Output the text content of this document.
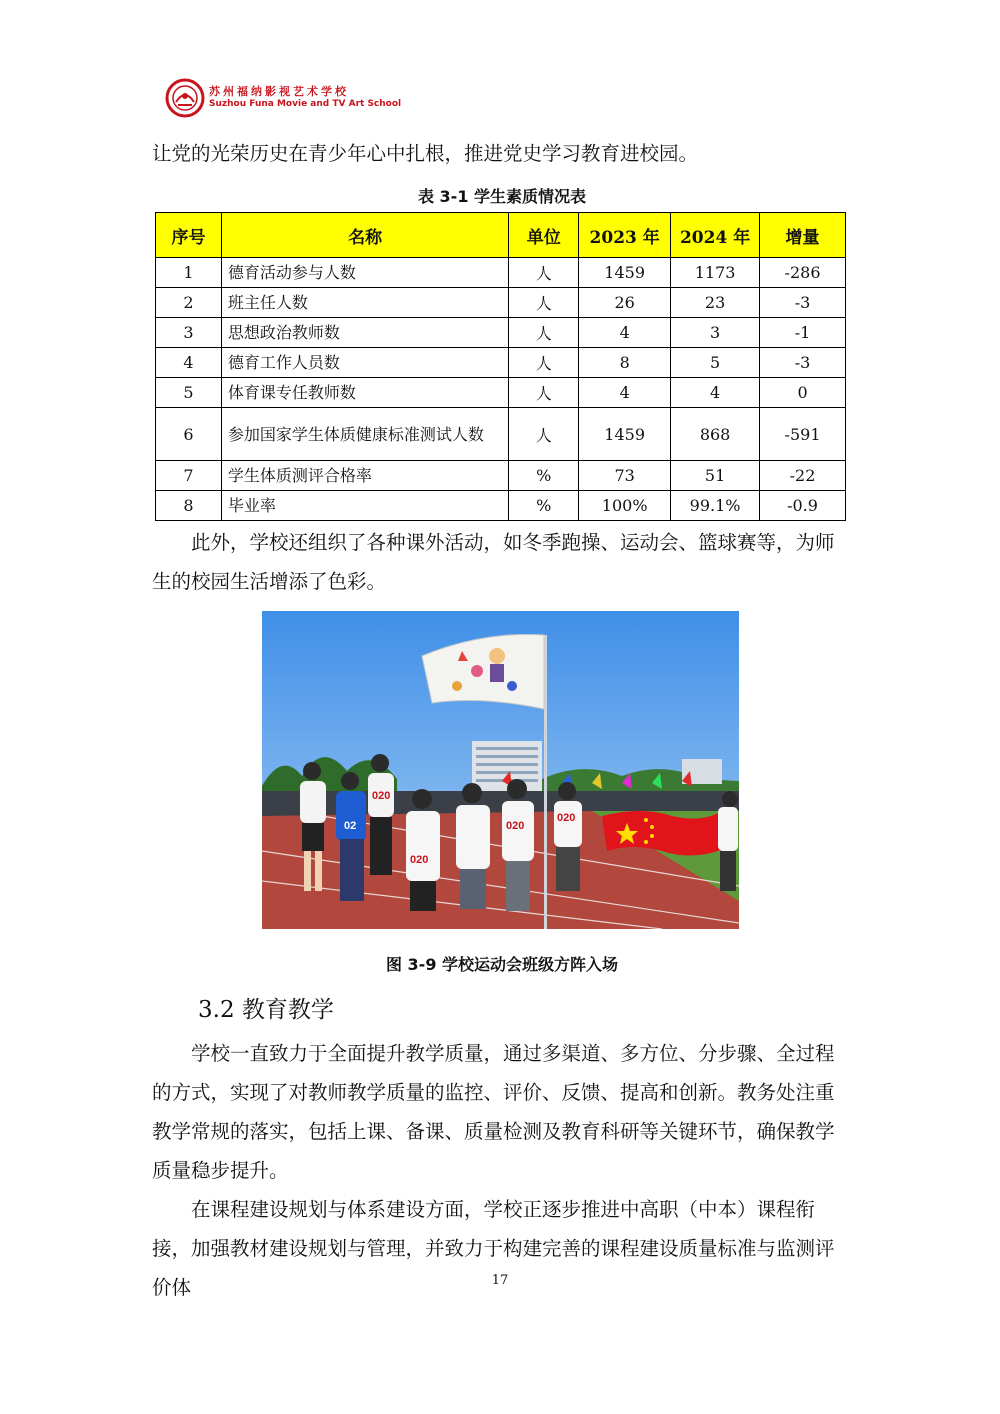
苏州福纳影视艺术学校
Suzhou Funa Movie and TV Art School

让党的光荣历史在青少年心中扎根，推进党史学习教育进校园。

表 3-1 学生素质情况表
序号	名称	单位	2023 年	2024 年	增量
1	德育活动参与人数	人	1459	1173	-286
2	班主任人数	人	26	23	-3
3	思想政治教师数	人	4	3	-1
4	德育工作人员数	人	8	5	-3
5	体育课专任教师数	人	4	4	0
6	参加国家学生体质健康标准测试人数	人	1459	868	-591
7	学生体质测评合格率	%	73	51	-22
8	毕业率	%	100%	99.1%	-0.9

此外，学校还组织了各种课外活动，如冬季跑操、运动会、篮球赛等，为师生的校园生活增添了色彩。

02
020
020
020
020
图 3-9 学校运动会班级方阵入场
3.2 教育教学

学校一直致力于全面提升教学质量，通过多渠道、多方位、分步骤、全过程的方式，实现了对教师教学质量的监控、评价、反馈、提高和创新。教务处注重教学常规的落实，包括上课、备课、质量检测及教育科研等关键环节，确保教学质量稳步提升。

在课程建设规划与体系建设方面，学校正逐步推进中高职（中本）课程衔接，加强教材建设规划与管理，并致力于构建完善的课程建设质量标准与监测评价体	17
